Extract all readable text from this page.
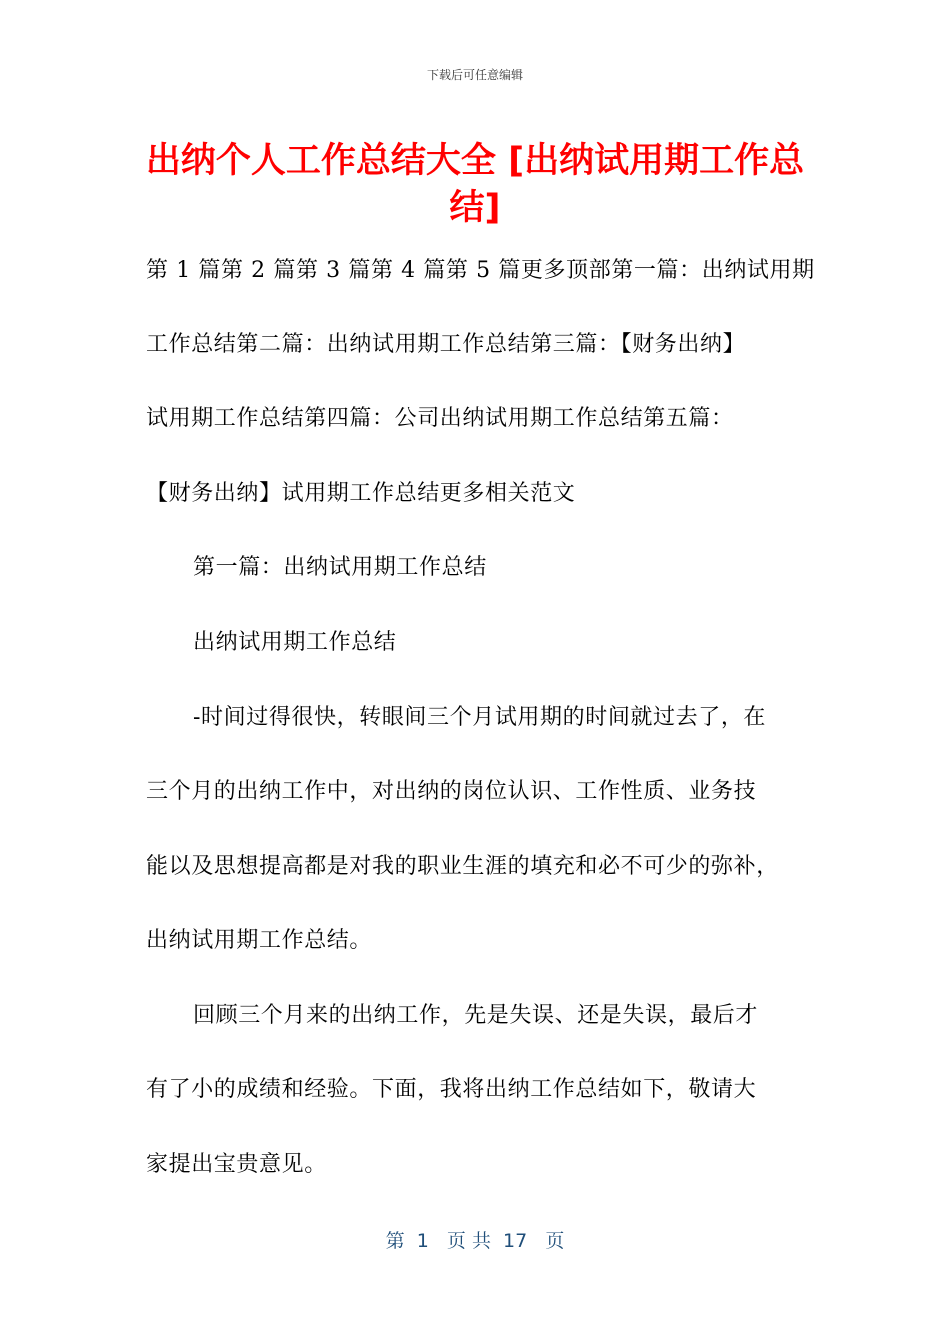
下载后可任意编辑
出纳个人工作总结大全 [出纳试用期工作总
结]
第 1 篇第 2 篇第 3 篇第 4 篇第 5 篇更多顶部第一篇：出纳试用期
工作总结第二篇：出纳试用期工作总结第三篇：【财务出纳】
试用期工作总结第四篇：公司出纳试用期工作总结第五篇：
【财务出纳】试用期工作总结更多相关范文
第一篇：出纳试用期工作总结
出纳试用期工作总结
-时间过得很快，转眼间三个月试用期的时间就过去了，在
三个月的出纳工作中，对出纳的岗位认识、工作性质、业务技
能以及思想提高都是对我的职业生涯的填充和必不可少的弥补，
出纳试用期工作总结。
回顾三个月来的出纳工作，先是失误、还是失误，最后才
有了小的成绩和经验。下面，我将出纳工作总结如下，敬请大
家提出宝贵意见。
第  1   页 共  17   页
